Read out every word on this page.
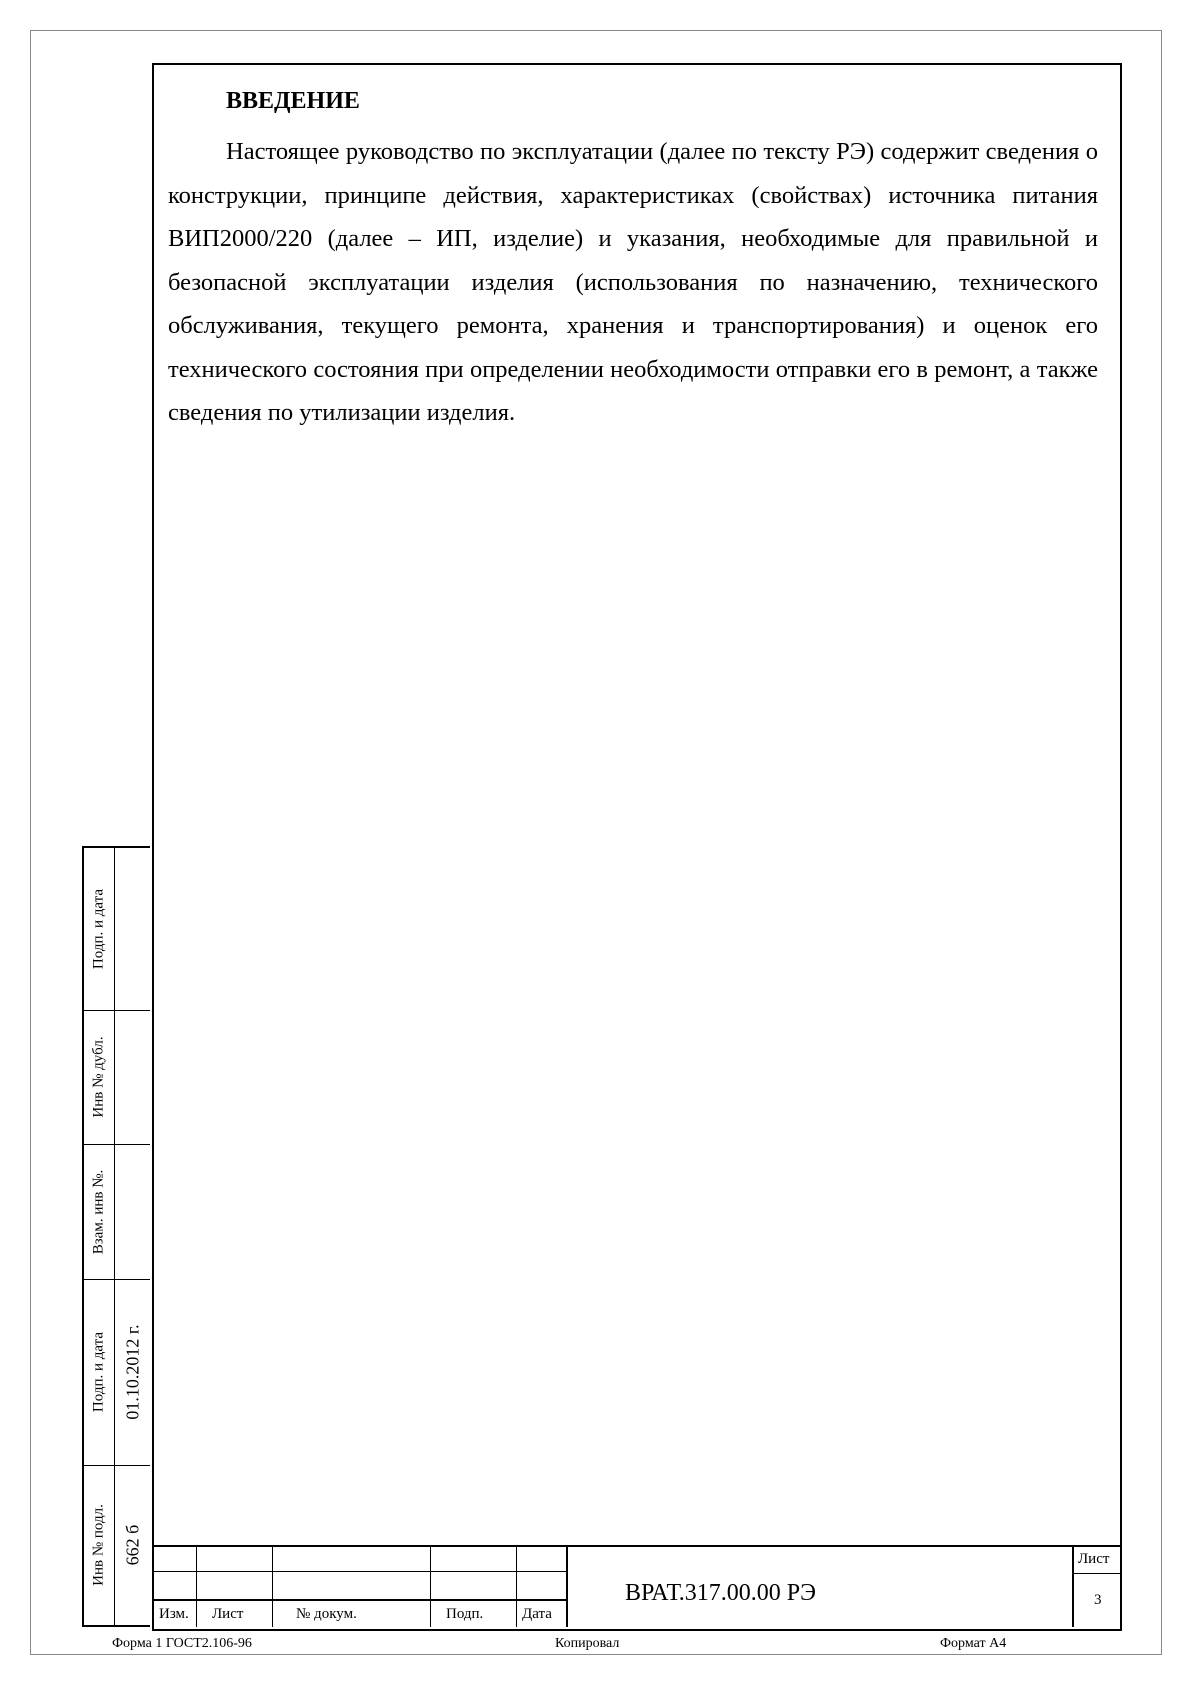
ВВЕДЕНИЕ

Настоящее руководство по эксплуатации (далее по тексту РЭ) содержит сведения о конструкции, принципе действия, характеристиках (свойствах) источника питания ВИП2000/220 (далее – ИП, изделие) и указания, необходимые для правильной и безопасной эксплуатации изделия (использования по назначению, технического обслуживания, текущего ремонта, хранения и транспортирования) и оценок его технического состояния при определении необходимости отправки его в ремонт, а также сведения по утилизации изделия.

Подп. и дата
Инв № дубл.
Взам. инв №.
Подп. и дата 01.10.2012 г.
Инв № подл. 662 б
Изм. Лист	№ докум.	Подп.	Дата
ВРАТ.317.00.00 РЭ
Лист
3
Форма 1 ГОСТ2.106-96	Копировал	Формат А4
